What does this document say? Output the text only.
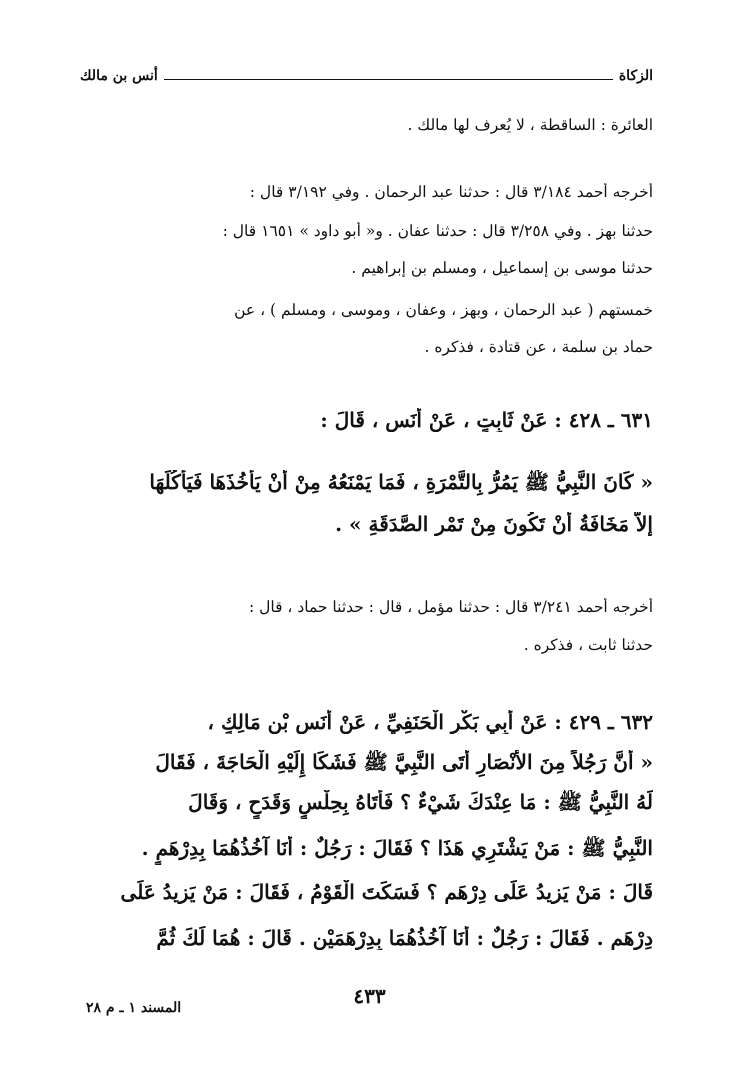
الزكاة
أنس بن مالك
العائرة : الساقطة ، لا يُعرف لها مالك .
أخرجه أحمد ٣/١٨٤ قال : حدثنا عبد الرحمان . وفي ٣/١٩٢ قال :
حدثنا بهز . وفي ٣/٢٥٨ قال : حدثنا عفان . و« أبو داود » ١٦٥١ قال :
حدثنا موسى بن إسماعيل ، ومسلم بن إبراهيم .
خمستهم ( عبد الرحمان ، وبهز ، وعفان ، وموسى ، ومسلم ) ، عن
حماد بن سلمة ، عن قتادة ، فذكره .
٦٣١ ـ ٤٢٨ : عَنْ ثَابِتٍ ، عَنْ أَنَسٍ ، قَالَ :
« كَانَ النَّبِيُّ ﷺ يَمُرُّ بِالتَّمْرَةِ ، فَمَا يَمْنَعُهُ مِنْ أَنْ يَأْخُذَهَا فَيَأْكُلَهَا
إِلاَّ مَخَافَةُ أَنْ تَكُونَ مِنْ تَمْرِ الصَّدَقَةِ » .
أخرجه أحمد ٣/٢٤١ قال : حدثنا مؤمل ، قال : حدثنا حماد ، قال :
حدثنا ثابت ، فذكره .
٦٣٢ ـ ٤٢٩ : عَنْ أَبِي بَكْرٍ الْحَنَفِيِّ ، عَنْ أَنَسِ بْنِ مَالِكٍ ،
« أَنَّ رَجُلاً مِنَ الأَنْصَارِ أَتَى النَّبِيَّ ﷺ فَشَكَا إِلَيْهِ الْحَاجَةَ ، فَقَالَ
لَهُ النَّبِيُّ ﷺ : مَا عِنْدَكَ شَيْءٌ ؟ فَأَتَاهُ بِحِلْسٍ وَقَدَحٍ ، وَقَالَ
النَّبِيُّ ﷺ : مَنْ يَشْتَرِي هَذَا ؟ فَقَالَ : رَجُلٌ : أَنَا آخُذُهُمَا بِدِرْهَمٍ .
قَالَ : مَنْ يَزِيدُ عَلَى دِرْهَمٍ ؟ فَسَكَتَ الْقَوْمُ ، فَقَالَ : مَنْ يَزِيدُ عَلَى
دِرْهَمٍ . فَقَالَ : رَجُلٌ : أَنَا آخُذُهُمَا بِدِرْهَمَيْنِ . قَالَ : هُمَا لَكَ ثُمَّ
٤٣٣
المسند ١ ـ م ٢٨
